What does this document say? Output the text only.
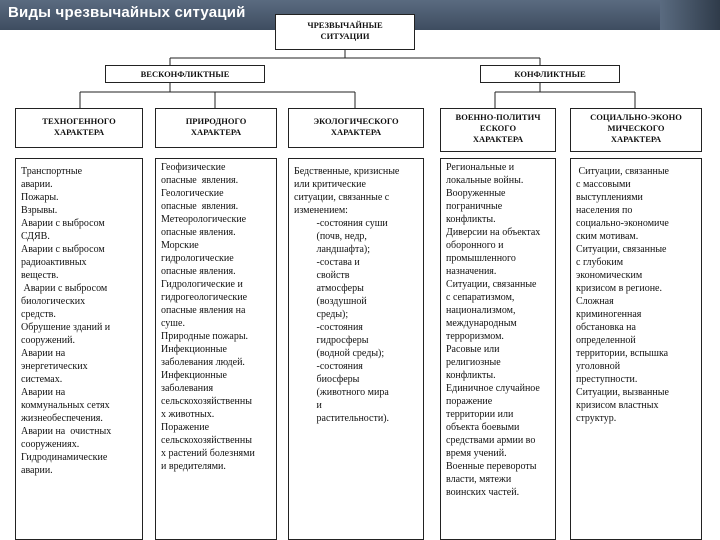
Виды чрезвычайных ситуаций
ЧРЕЗВЫЧАЙНЫЕ
СИТУАЦИИ
ВЕСКОНФЛИКТНЫЕ	КОНФЛИКТНЫЕ
ТЕХНОГЕННОГО
ХАРАКТЕРА
ПРИРОДНОГО
ХАРАКТЕРА
ЭКОЛОГИЧЕСКОГО
ХАРАКТЕРА
ВОЕННО-ПОЛИТИЧ
ЕСКОГО
ХАРАКТЕРА
СОЦИАЛЬНО-ЭКОНО
МИЧЕСКОГО
ХАРАКТЕРА
Транспортные
аварии.
Пожары.
Взрывы.
Аварии с выбросом
СДЯВ.
Аварии с выбросом
радиоактивных
веществ.
Аварии с выбросом
биологических
средств.
Обрушение зданий и
сооружений.
Аварии на
энергетических
системах.
Аварии на
коммунальных сетях
жизнеобеспечения.
Аварии на  очистных
сооружениях.
Гидродинамические
аварии.
Геофизические
опасные  явления.
Геологические
опасные  явления.
Метеорологические
опасные явления.
Морские
гидрологические
опасные явления.
Гидрологические и
гидрогеологические
опасные явления на
суше.
Природные пожары.
Инфекционные
заболевания людей.
Инфекционные
заболевания
сельскохозяйственны
х животных.
Поражение
сельскохозяйственны
х растений болезнями
и вредителями.
Бедственные, кризисные
или критические
ситуации, связанные с
изменением:
-состояния суши
(почв, недр,
ландшафта);
-состава и
свойств
атмосферы
(воздушной
среды);
-состояния
гидросферы
(водной среды);
-состояния
биосферы
(животного мира
и
растительности).
Региональные и
локальные войны.
Вооруженные
пограничные
конфликты.
Диверсии на объектах
оборонного и
промышленного
назначения.
Ситуации, связанные
с сепаратизмом,
национализмом,
международным
терроризмом.
Расовые или
религиозные
конфликты.
Единичное случайное
поражение
территории или
объекта боевыми
средствами армии во
время учений.
Военные перевороты
власти, мятежи
воинских частей.
Ситуации, связанные
с массовыми
выступлениями
населения по
социально-экономиче
ским мотивам.
Ситуации, связанные
с глубоким
экономическим
кризисом в регионе.
Сложная
криминогенная
обстановка на
определенной
территории, вспышка
уголовной
преступности.
Ситуации, вызванные
кризисом властных
структур.
